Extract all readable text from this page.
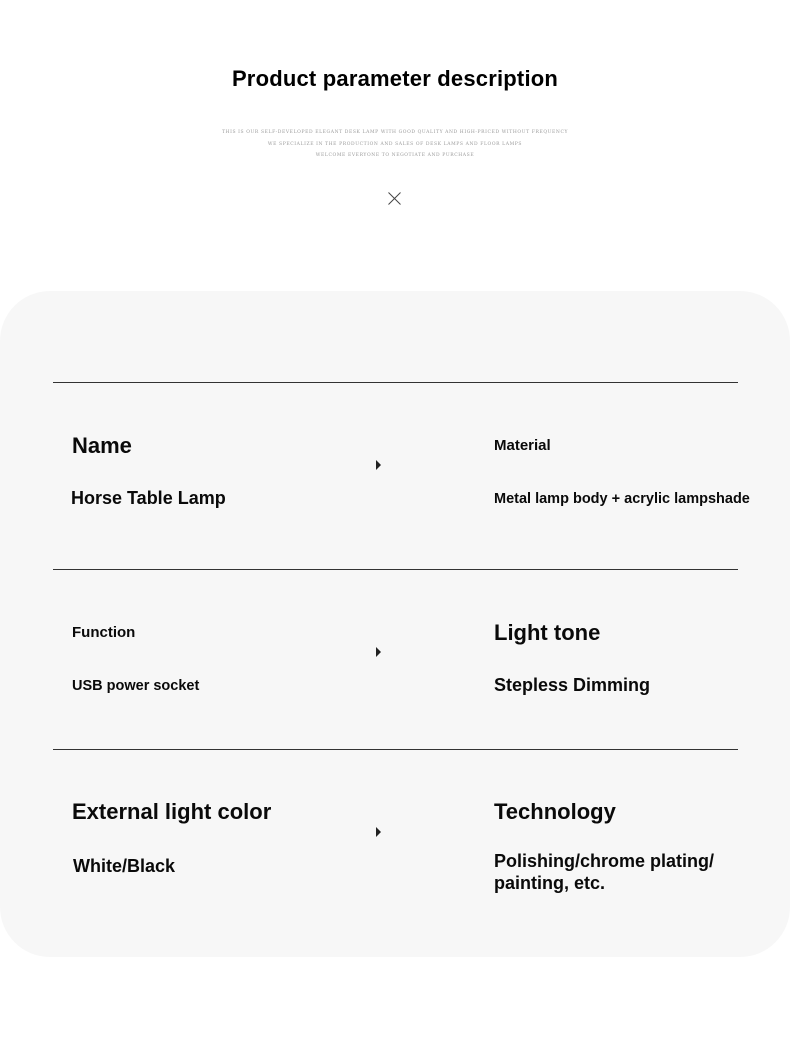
Product parameter description

THIS IS OUR SELF-DEVELOPED ELEGANT DESK LAMP WITH GOOD QUALITY AND HIGH-PRICED WITHOUT FREQUENCY

WE SPECIALIZE IN THE PRODUCTION AND SALES OF DESK LAMPS AND FLOOR LAMPS

WELCOME EVERYONE TO NEGOTIATE AND PURCHASE

Name

Horse Table Lamp

Material

Metal lamp body + acrylic lampshade

Function

USB power socket

Light tone

Stepless Dimming

External light color

White/Black

Technology

Polishing/chrome plating/ painting, etc.
